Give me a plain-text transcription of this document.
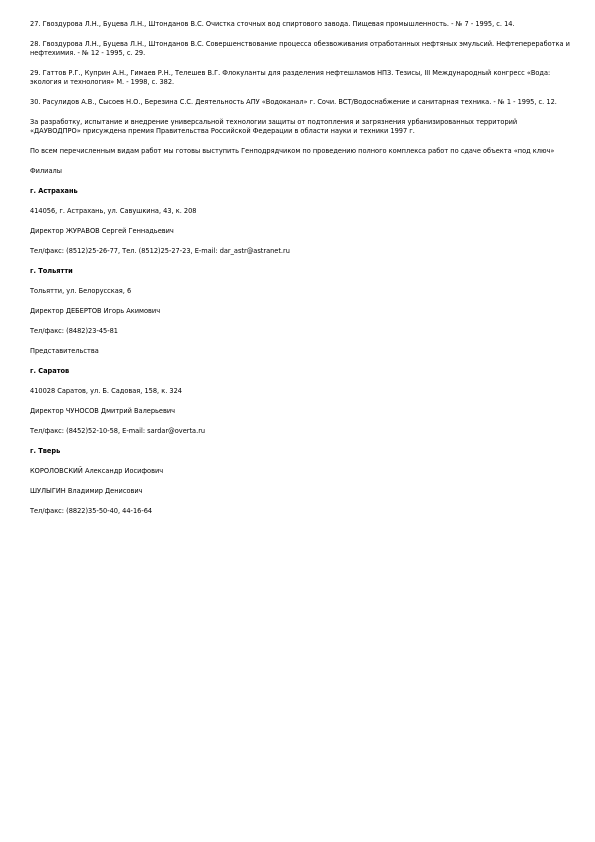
27. Гвоздурова Л.Н., Буцева Л.Н., Штонданов В.С. Очистка сточных вод спиртового завода. Пищевая промышленность. - № 7 - 1995, с. 14.

28. Гвоздурова Л.Н., Буцева Л.Н., Штонданов В.С. Совершенствование процесса обезвоживания отработанных нефтяных эмульсий. Нефтепереработка и нефтехимия. - № 12 - 1995, с. 29.

29. Гаттов Р.Г., Куприн А.Н., Гимаев Р.Н., Телешев В.Г. Флокуланты для разделения нефтешламов НПЗ. Тезисы, III Международный конгресс «Вода: экология и технология» М. - 1998, с. 382.

30. Расулидов А.В., Сысоев Н.О., Березина С.С. Деятельность АПУ «Водоканал» г. Сочи. ВСТ/Водоснабжение и санитарная техника. - № 1 - 1995, с. 12.

За разработку, испытание и внедрение универсальной технологии защиты от подтопления и загрязнения урбанизированных территорий «ДАУВОДПРО» присуждена премия Правительства Российской Федерации в области науки и техники 1997 г.

По всем перечисленным видам работ мы готовы выступить Генподрядчиком по проведению полного комплекса работ по сдаче объекта «под ключ»

Филиалы

г. Астрахань

414056, г. Астрахань, ул. Савушкина, 43, к. 208

Директор ЖУРАВОВ Сергей Геннадьевич

Тел/факс: (8512)25-26-77, Тел. (8512)25-27-23, E-mail: dar_astr@astranet.ru

г. Тольятти

Тольятти, ул. Белорусская, 6

Директор ДЕБЕРТОВ Игорь Акимович

Тел/факс: (8482)23-45-81

Представительства

г. Саратов

410028 Саратов, ул. Б. Садовая, 158, к. 324

Директор ЧУНОСОВ Дмитрий Валерьевич

Тел/факс: (8452)52-10-58, E-mail: sardar@overta.ru

г. Тверь

КОРОЛОВСКИЙ Александр Иосифович

ШУЛЫГИН Владимир Денисович

Тел/факс: (8822)35-50-40, 44-16-64
